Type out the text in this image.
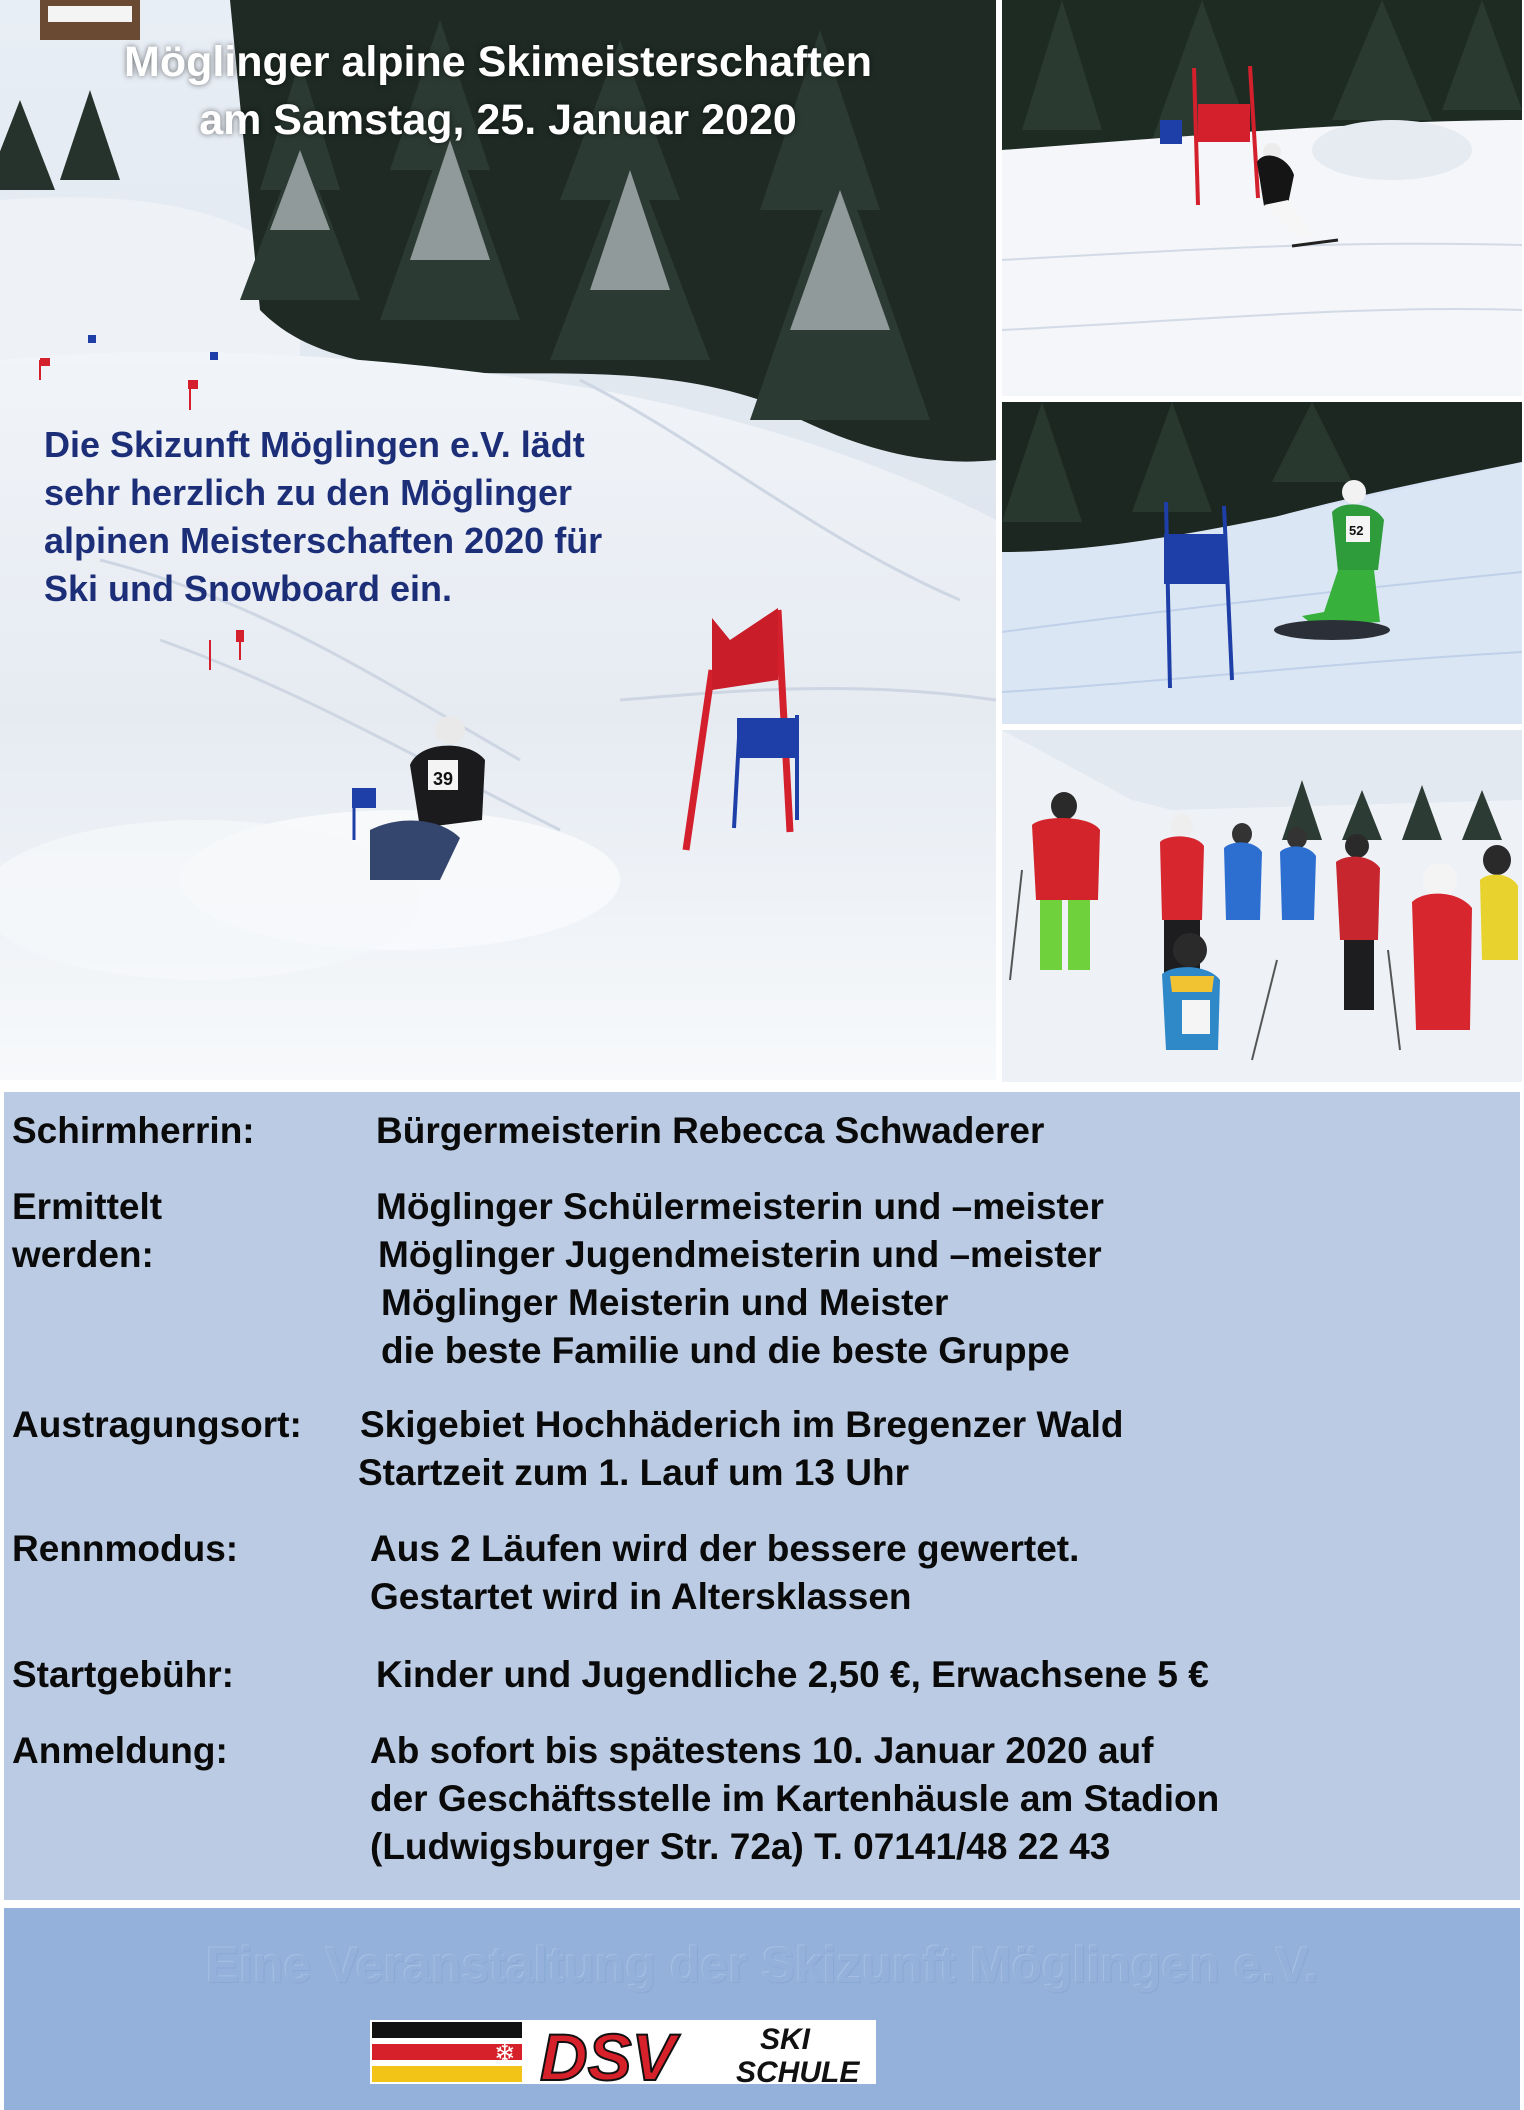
39
Möglinger alpine Skimeisterschaften
am Samstag, 25. Januar 2020
Die Skizunft Möglingen e.V. lädt
sehr herzlich zu den Möglinger
alpinen Meisterschaften 2020 für
Ski und Snowboard ein.
52
Schirmherrin:	Bürgermeisterin Rebecca Schwaderer
Ermittelt
werden:
Möglinger Schülermeisterin und –meister
Möglinger Jugendmeisterin und –meister
Möglinger Meisterin und Meister
die beste Familie und die beste Gruppe
Austragungsort: Skigebiet Hochhäderich im Bregenzer Wald
Startzeit zum 1. Lauf um 13 Uhr
Rennmodus:	Aus 2 Läufen wird der bessere gewertet.
Gestartet wird in Altersklassen
Startgebühr:	Kinder und Jugendliche 2,50 €, Erwachsene 5 €
Anmeldung:	Ab sofort bis spätestens 10. Januar 2020 auf
der Geschäftsstelle im Kartenhäusle am Stadion
(Ludwigsburger Str. 72a) T. 07141/48 22 43
Eine Veranstaltung der Skizunft Möglingen e.V.
❄ DSV	SKI
SCHULE
